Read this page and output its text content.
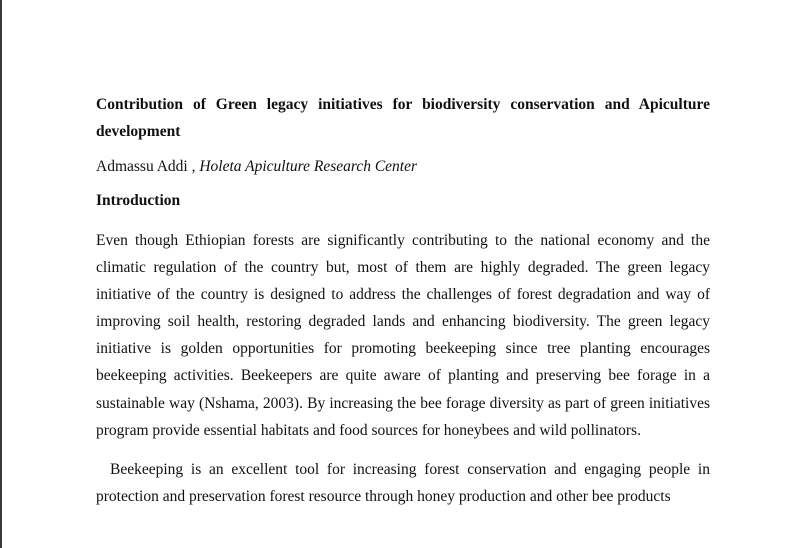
Contribution of Green legacy initiatives for biodiversity conservation and Apiculture
development

Admassu Addi , Holeta Apiculture Research Center

Introduction

Even though Ethiopian forests are significantly contributing to the national economy and the climatic regulation of the country but, most of them are highly degraded. The green legacy initiative of the country is designed to address the challenges of forest degradation and way of improving soil health, restoring degraded lands and enhancing biodiversity. The green legacy initiative is golden opportunities for promoting beekeeping since tree planting encourages beekeeping activities. Beekeepers are quite aware of planting and preserving bee forage in a sustainable way (Nshama, 2003). By increasing the bee forage diversity as part of green initiatives program provide essential habitats and food sources for honeybees and wild pollinators.

Beekeeping is an excellent tool for increasing forest conservation and engaging people in protection and preservation forest resource through honey production and other bee products
